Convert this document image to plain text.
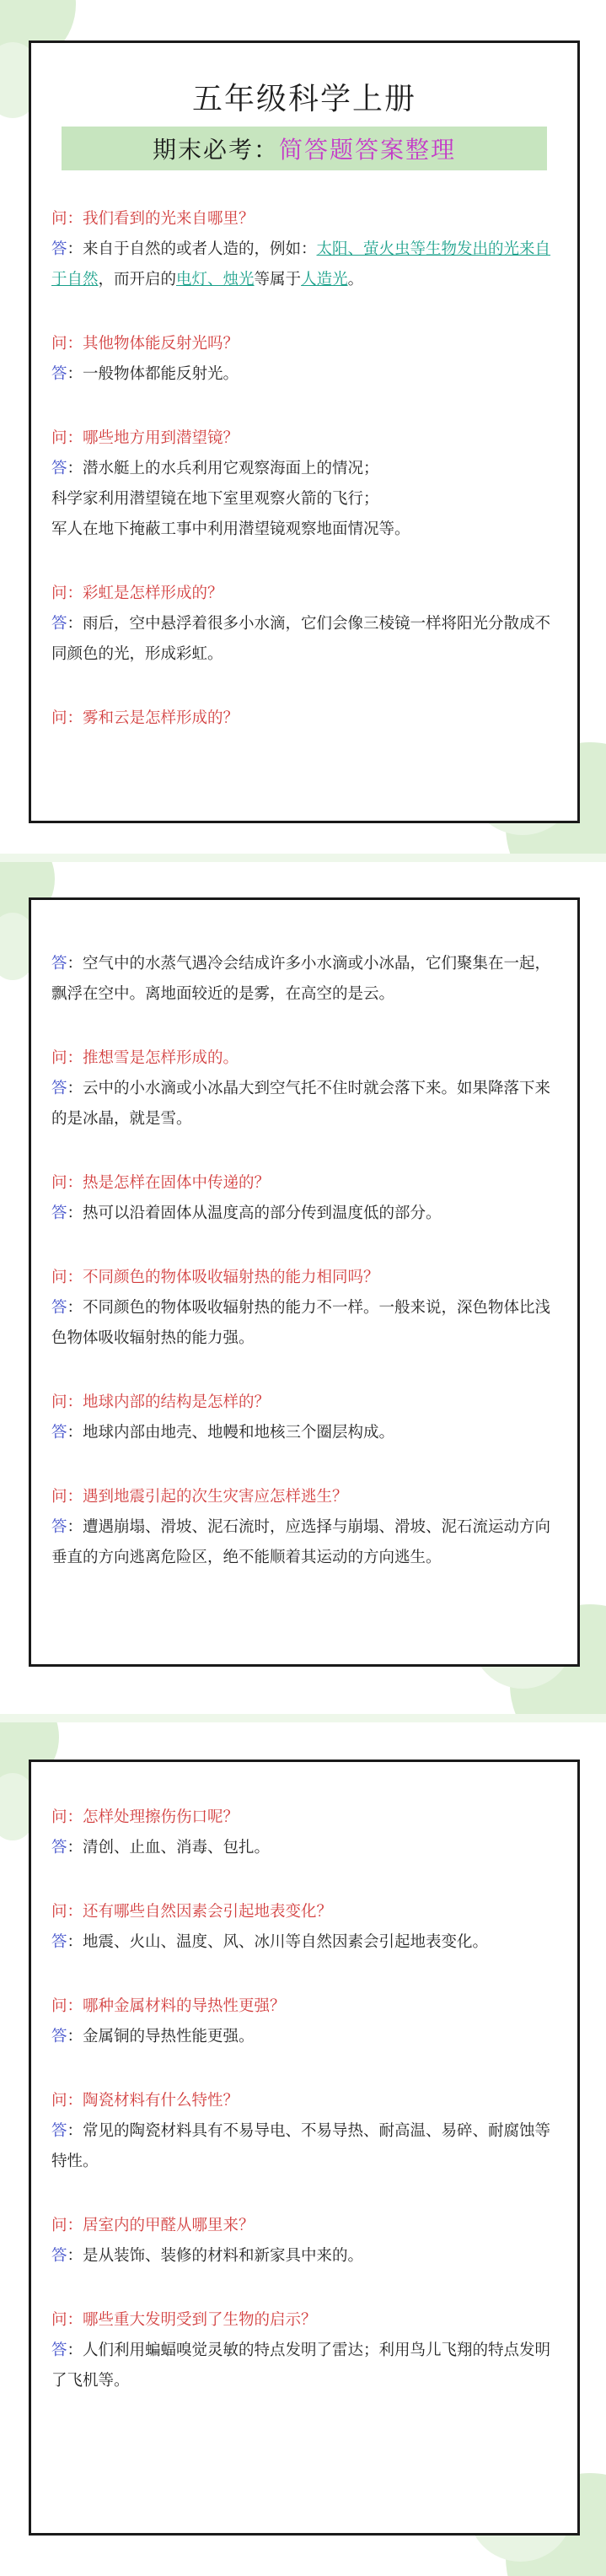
五年级科学上册
期末必考： 简答题答案整理
问：我们看到的光来自哪里？
答：来自于自然的或者人造的，例如：太阳、萤火虫等生物发出的光来自于自然，而开启的电灯、烛光等属于人造光。
问：其他物体能反射光吗？
答：一般物体都能反射光。
问：哪些地方用到潜望镜？
答：潜水艇上的水兵利用它观察海面上的情况；
科学家利用潜望镜在地下室里观察火箭的飞行；
军人在地下掩蔽工事中利用潜望镜观察地面情况等。
问：彩虹是怎样形成的？
答：雨后，空中悬浮着很多小水滴，它们会像三棱镜一样将阳光分散成不同颜色的光，形成彩虹。
问：雾和云是怎样形成的？
答：空气中的水蒸气遇冷会结成许多小水滴或小冰晶，它们聚集在一起，飘浮在空中。离地面较近的是雾，在高空的是云。
问：推想雪是怎样形成的。
答：云中的小水滴或小冰晶大到空气托不住时就会落下来。如果降落下来的是冰晶，就是雪。
问：热是怎样在固体中传递的？
答：热可以沿着固体从温度高的部分传到温度低的部分。
问：不同颜色的物体吸收辐射热的能力相同吗？
答：不同颜色的物体吸收辐射热的能力不一样。一般来说，深色物体比浅色物体吸收辐射热的能力强。
问：地球内部的结构是怎样的？
答：地球内部由地壳、地幔和地核三个圈层构成。
问：遇到地震引起的次生灾害应怎样逃生？
答：遭遇崩塌、滑坡、泥石流时，应选择与崩塌、滑坡、泥石流运动方向垂直的方向逃离危险区，绝不能顺着其运动的方向逃生。
问：怎样处理擦伤伤口呢？
答：清创、止血、消毒、包扎。
问：还有哪些自然因素会引起地表变化？
答：地震、火山、温度、风、冰川等自然因素会引起地表变化。
问：哪种金属材料的导热性更强？
答：金属铜的导热性能更强。
问：陶瓷材料有什么特性？
答：常见的陶瓷材料具有不易导电、不易导热、耐高温、易碎、耐腐蚀等特性。
问：居室内的甲醛从哪里来？
答：是从装饰、装修的材料和新家具中来的。
问：哪些重大发明受到了生物的启示？
答：人们利用蝙蝠嗅觉灵敏的特点发明了雷达；利用鸟儿飞翔的特点发明了飞机等。
